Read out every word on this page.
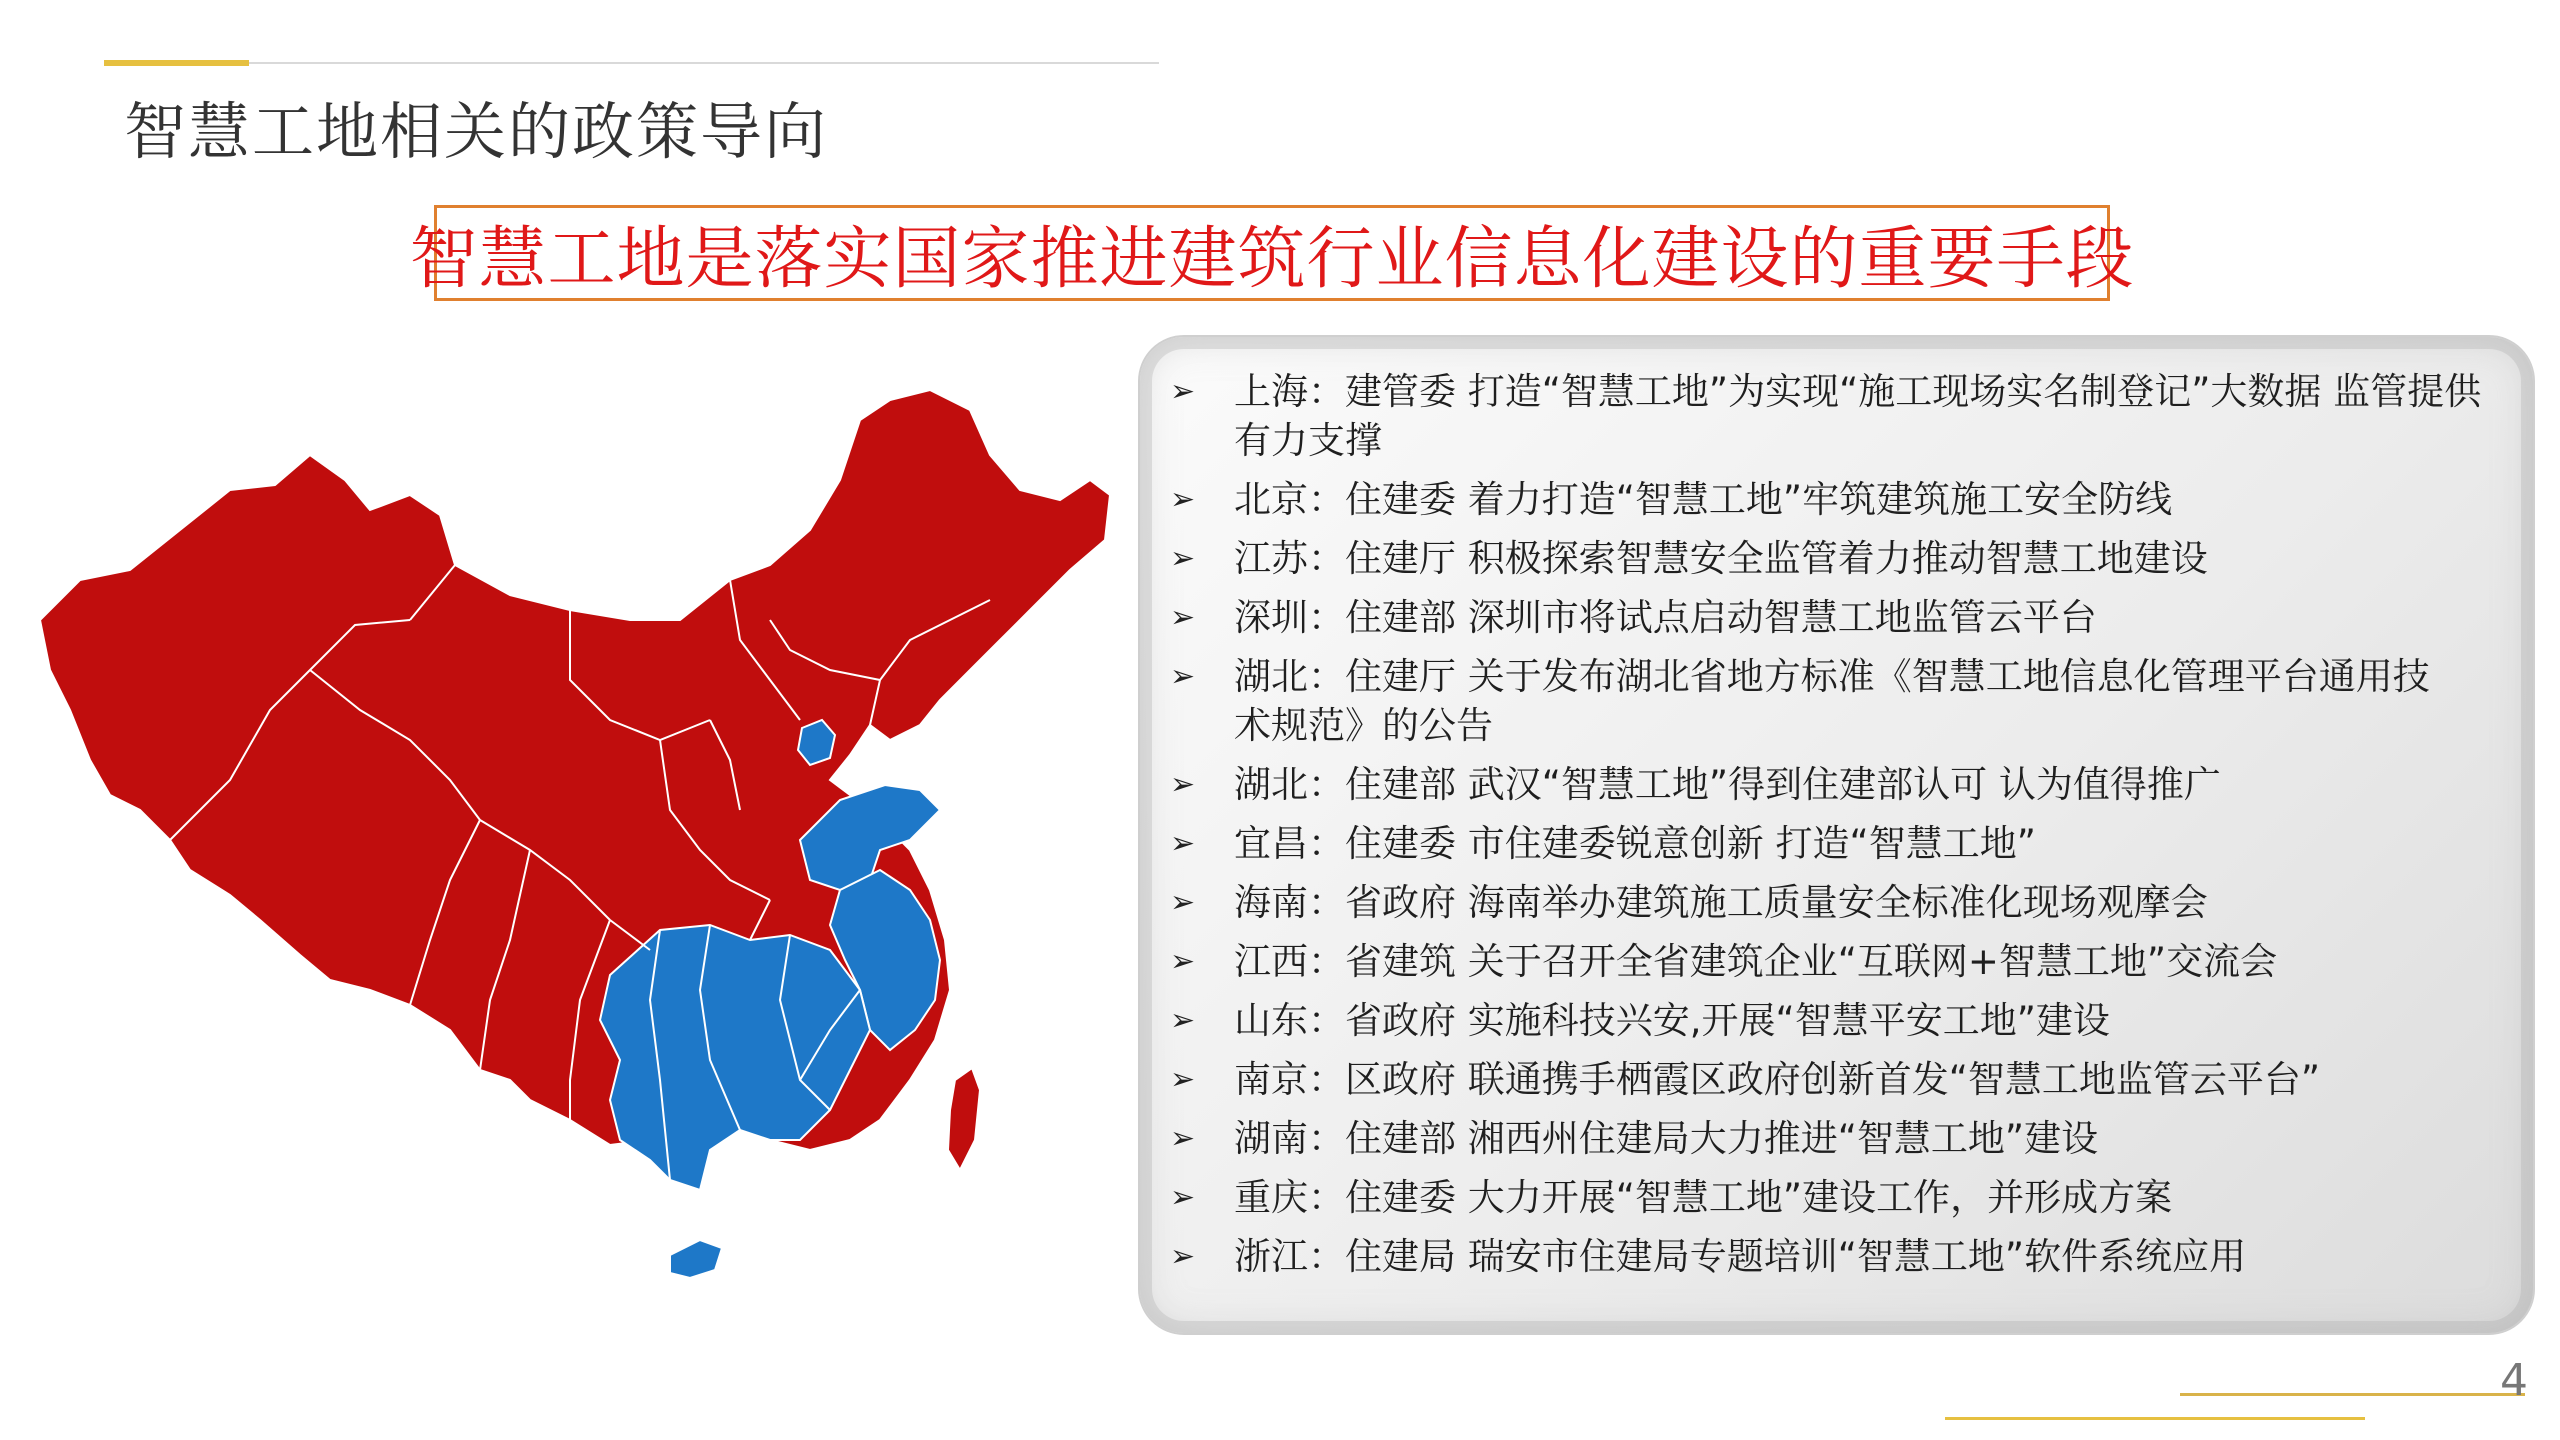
智慧工地相关的政策导向
智慧工地是落实国家推进建筑行业信息化建设的重要手段
➢ 上海：建管委 打造“智慧工地”为实现“施工现场实名制登记”大数据 监管提供
有力支撑
➢ 北京：住建委 着力打造“智慧工地”牢筑建筑施工安全防线
➢ 江苏：住建厅 积极探索智慧安全监管着力推动智慧工地建设
➢ 深圳：住建部 深圳市将试点启动智慧工地监管云平台
➢ 湖北：住建厅 关于发布湖北省地方标准《智慧工地信息化管理平台通用技
术规范》的公告
➢ 湖北：住建部 武汉“智慧工地”得到住建部认可 认为值得推广
➢ 宜昌：住建委 市住建委锐意创新 打造“智慧工地”
➢ 海南：省政府 海南举办建筑施工质量安全标准化现场观摩会
➢ 江西：省建筑 关于召开全省建筑企业“互联网+智慧工地”交流会
➢ 山东：省政府 实施科技兴安,开展“智慧平安工地”建设
➢ 南京：区政府 联通携手栖霞区政府创新首发“智慧工地监管云平台”
➢ 湖南：住建部 湘西州住建局大力推进“智慧工地”建设
➢ 重庆：住建委 大力开展“智慧工地”建设工作，并形成方案
➢ 浙江：住建局 瑞安市住建局专题培训“智慧工地”软件系统应用
4
